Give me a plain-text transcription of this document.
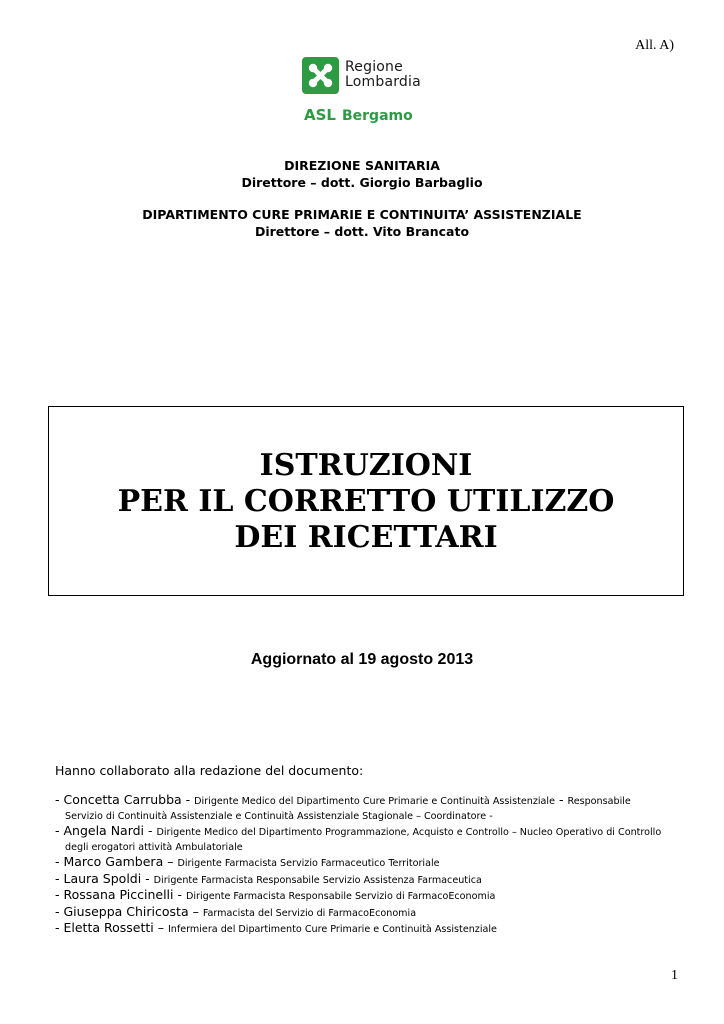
All. A)
Regione
Lombardia
ASL Bergamo
DIREZIONE SANITARIA
Direttore – dott. Giorgio Barbaglio
DIPARTIMENTO CURE PRIMARIE E CONTINUITA’ ASSISTENZIALE
Direttore – dott. Vito Brancato
ISTRUZIONI
PER IL CORRETTO UTILIZZO
DEI RICETTARI
Aggiornato al 19 agosto 2013
Hanno collaborato alla redazione del documento:
- Concetta Carrubba - Dirigente Medico del Dipartimento Cure Primarie e Continuità Assistenziale - Responsabile
Servizio di Continuità Assistenziale e Continuità Assistenziale Stagionale – Coordinatore -
- Angela Nardi - Dirigente Medico del Dipartimento Programmazione, Acquisto e Controllo – Nucleo Operativo di Controllo
degli erogatori attività Ambulatoriale
- Marco Gambera – Dirigente Farmacista Servizio Farmaceutico Territoriale
- Laura Spoldi - Dirigente Farmacista Responsabile Servizio Assistenza Farmaceutica
- Rossana Piccinelli - Dirigente Farmacista Responsabile Servizio di FarmacoEconomia
- Giuseppa Chiricosta – Farmacista del Servizio di FarmacoEconomia
- Eletta Rossetti – Infermiera del Dipartimento Cure Primarie e Continuità Assistenziale
1
